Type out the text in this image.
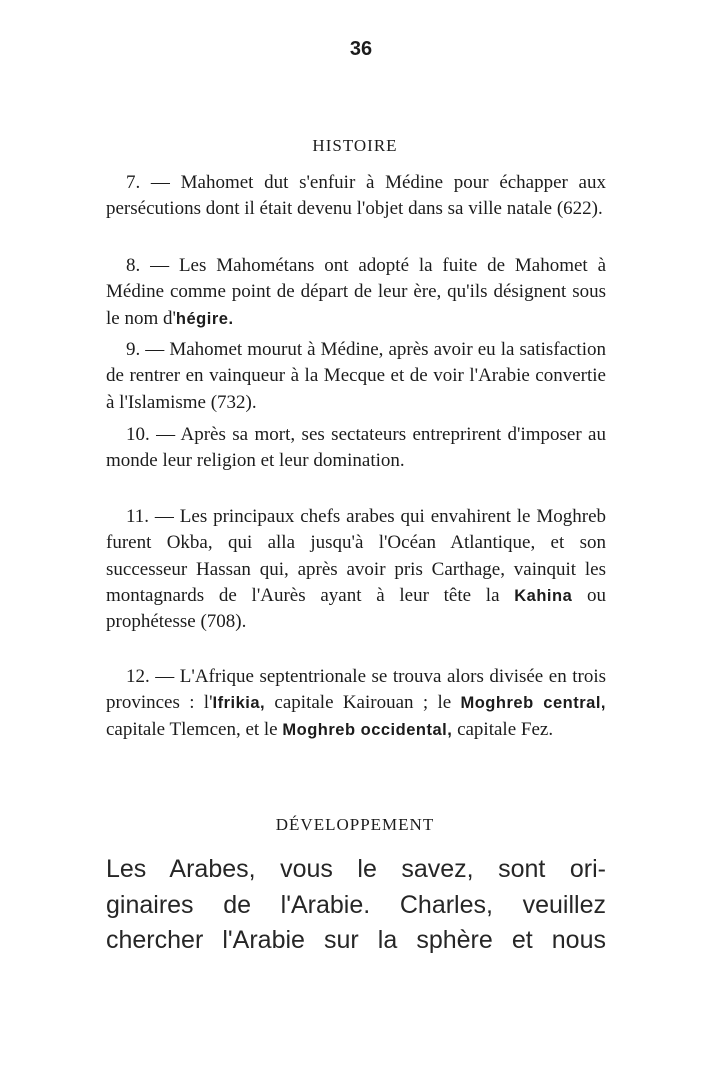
36
HISTOIRE

7. — Mahomet dut s'enfuir à Médine pour échapper aux persécutions dont il était devenu l'objet dans sa ville natale (622).

8. — Les Mahométans ont adopté la fuite de Mahomet à Médine comme point de départ de leur ère, qu'ils désignent sous le nom d'hégire.

9. — Mahomet mourut à Médine, après avoir eu la satisfaction de rentrer en vainqueur à la Mecque et de voir l'Arabie convertie à l'Islamisme (732).

10. — Après sa mort, ses sectateurs entreprirent d'imposer au monde leur religion et leur domination.

11. — Les principaux chefs arabes qui envahirent le Moghreb furent Okba, qui alla jusqu'à l'Océan Atlantique, et son successeur Hassan qui, après avoir pris Carthage, vainquit les montagnards de l'Aurès ayant à leur tête la Kahina ou prophétesse (708).

12. — L'Afrique septentrionale se trouva alors divisée en trois provinces : l'Ifrikia, capitale Kairouan ; le Moghreb central, capitale Tlemcen, et le Moghreb occidental, capitale Fez.

DÉVELOPPEMENT
Les Arabes, vous le savez, sont ori-
ginaires de l'Arabie. Charles, veuillez
chercher l'Arabie sur la sphère et nous
